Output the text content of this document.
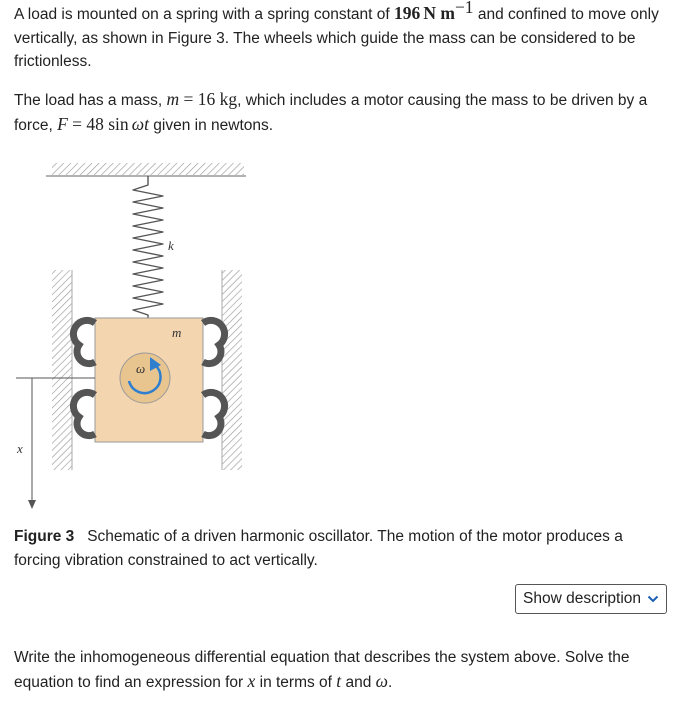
A load is mounted on a spring with a spring constant of 196  N $m^{-1}$ and confined to move only vertically, as shown in Figure 3. The wheels which guide the mass can be considered to be frictionless.

The load has a mass, m = 16 kg, which includes a motor causing the mass to be driven by a force, F = 48 sin  ωt given in newtons.

k
m
ω
x
Figure 3 Schematic of a driven harmonic oscillator. The motion of the motor produces a forcing vibration constrained to act vertically.
Show description

Write the inhomogeneous differential equation that describes the system above. Solve the equation to find an expression for x in terms of t and ω.
